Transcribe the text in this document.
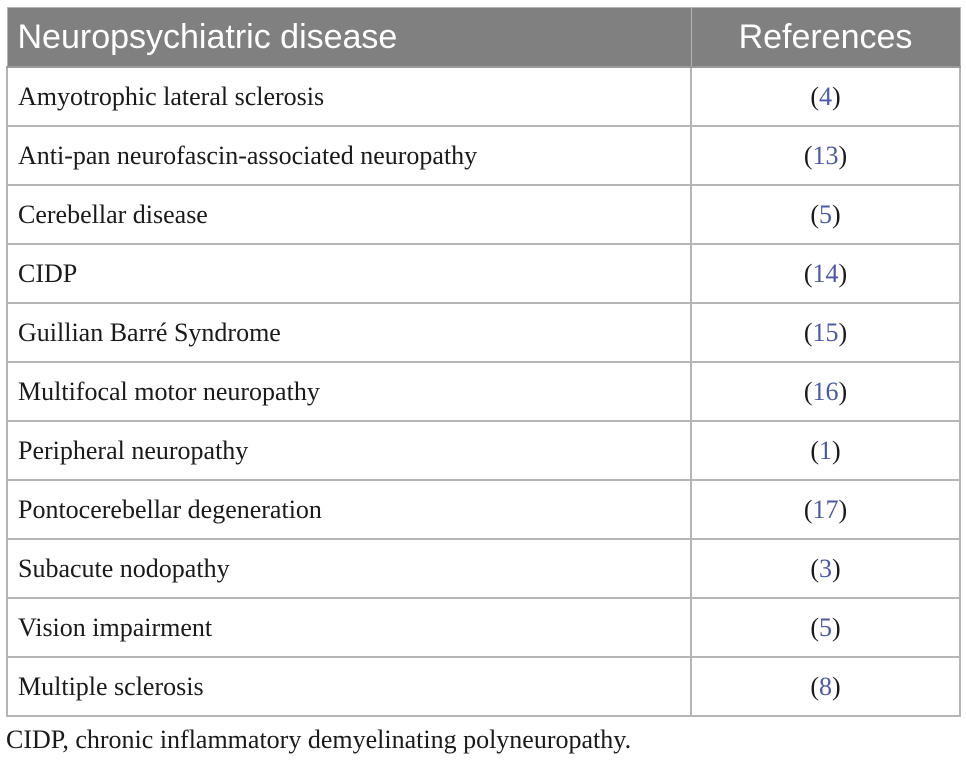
Neuropsychiatric disease	References
Amyotrophic lateral sclerosis	(4)
Anti-pan neurofascin-associated neuropathy	(13)
Cerebellar disease	(5)
CIDP	(14)
Guillian Barré Syndrome	(15)
Multifocal motor neuropathy	(16)
Peripheral neuropathy	(1)
Pontocerebellar degeneration	(17)
Subacute nodopathy	(3)
Vision impairment	(5)
Multiple sclerosis	(8)
CIDP, chronic inflammatory demyelinating polyneuropathy.
